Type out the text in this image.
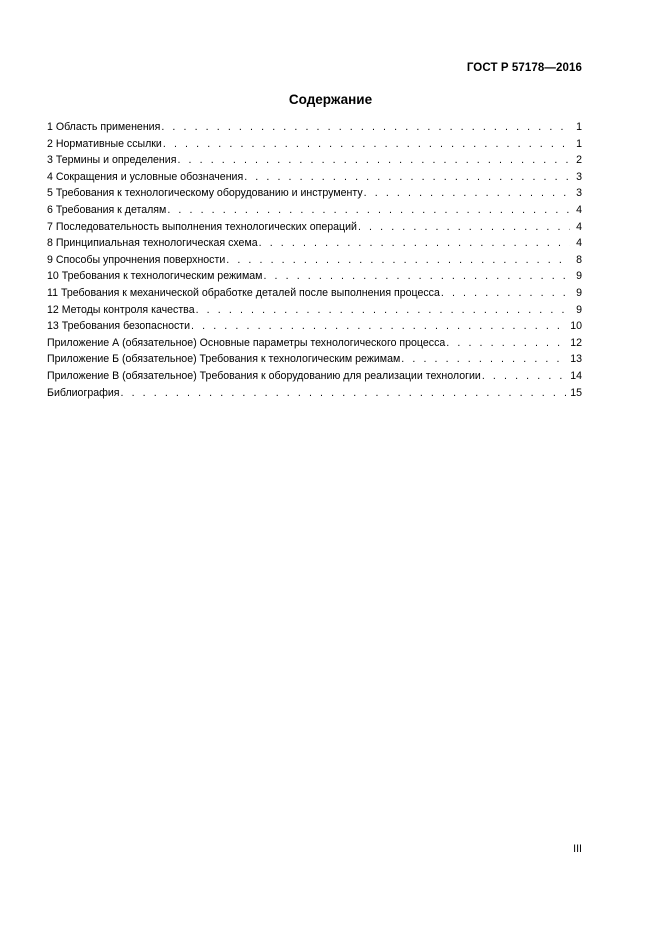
ГОСТ Р 57178—2016
Содержание
1 Область применения . . .	1
2 Нормативные ссылки . . .	1
3 Термины и определения . . .	2
4 Сокращения и условные обозначения . . .	3
5 Требования к технологическому оборудованию и инструменту . . .	3
6 Требования к деталям . . .	4
7 Последовательность выполнения технологических операций . . .	4
8 Принципиальная технологическая схема . . .	4
9 Способы упрочнения поверхности . . .	8
10 Требования к технологическим режимам . . .	9
11 Требования к механической обработке деталей после выполнения процесса . . .	9
12 Методы контроля качества . . .	9
13 Требования безопасности . . .	10
Приложение А (обязательное) Основные параметры технологического процесса . . .	12
Приложение Б (обязательное) Требования к технологическим режимам . . .	13
Приложение В (обязательное) Требования к оборудованию для реализации технологии . . .	14
Библиография . . .	15
III
